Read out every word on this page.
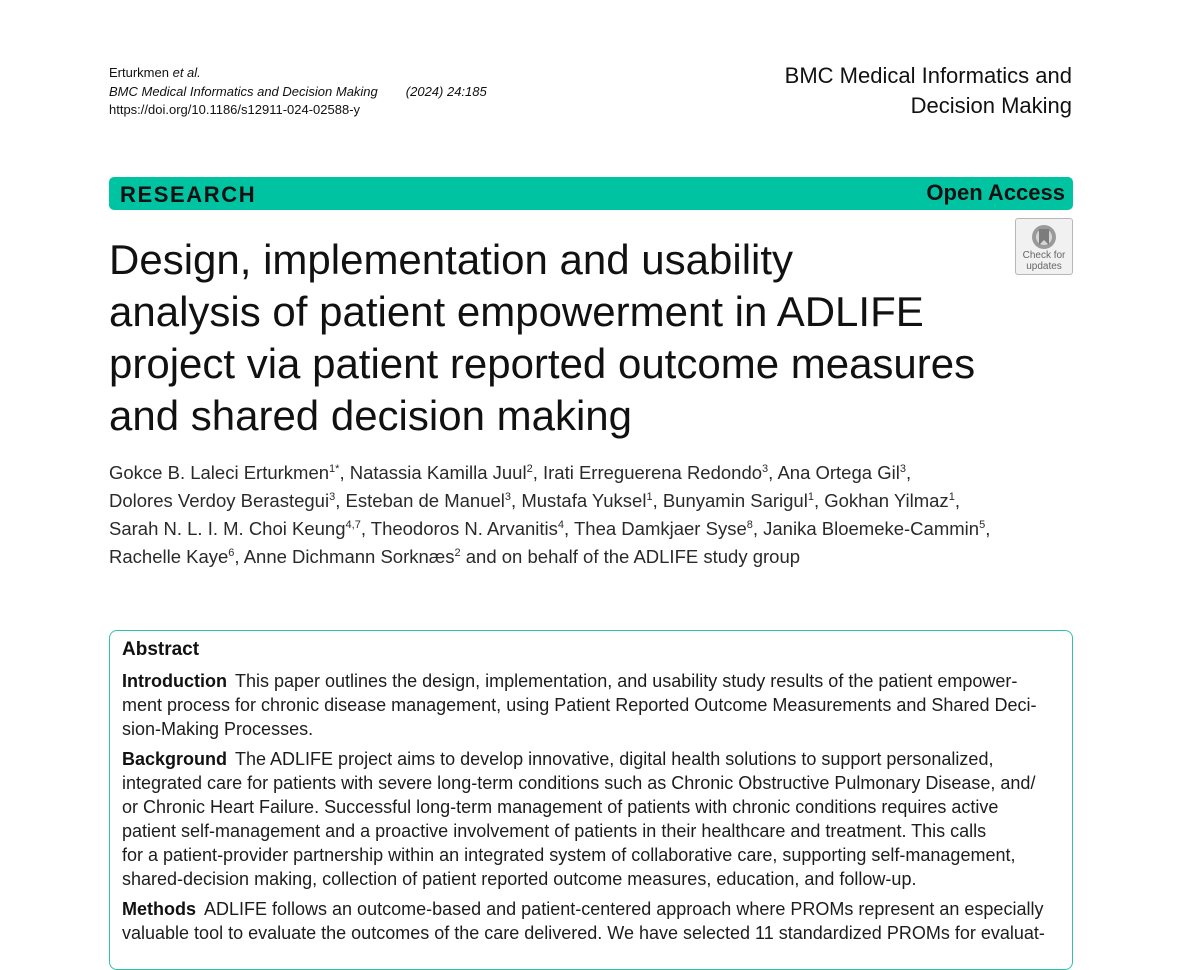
Erturkmen et al.
BMC Medical Informatics and Decision Making (2024) 24:185
https://doi.org/10.1186/s12911-024-02588-y
BMC Medical Informatics and
Decision Making
RESEARCH	Open Access
Check for
updates
Design, implementation and usability
analysis of patient empowerment in ADLIFE
project via patient reported outcome measures
and shared decision making
Gokce B. Laleci Erturkmen$^{1*}$, Natassia Kamilla Juul$^2$, Irati Erreguerena Redondo$^3$, Ana Ortega Gil$^3$,
Dolores Verdoy Berastegui$^3$, Esteban de Manuel$^3$, Mustafa Yuksel$^1$, Bunyamin Sarigul$^1$, Gokhan Yilmaz$^1$,
Sarah N. L. I. M. Choi Keung$^{4,7}$, Theodoros N. Arvanitis$^4$, Thea Damkjaer Syse$^8$, Janika Bloemeke-Cammin$^5$,
Rachelle Kaye$^6$, Anne Dichmann Sorknæs$^2$ and on behalf of the ADLIFE study group
Abstract
Introduction This paper outlines the design, implementation, and usability study results of the patient empower-
ment process for chronic disease management, using Patient Reported Outcome Measurements and Shared Deci-
sion-Making Processes.
Background The ADLIFE project aims to develop innovative, digital health solutions to support personalized,
integrated care for patients with severe long-term conditions such as Chronic Obstructive Pulmonary Disease, and/
or Chronic Heart Failure. Successful long-term management of patients with chronic conditions requires active
patient self-management and a proactive involvement of patients in their healthcare and treatment. This calls
for a patient-provider partnership within an integrated system of collaborative care, supporting self-management,
shared-decision making, collection of patient reported outcome measures, education, and follow-up.
Methods ADLIFE follows an outcome-based and patient-centered approach where PROMs represent an especially
valuable tool to evaluate the outcomes of the care delivered. We have selected 11 standardized PROMs for evaluat-
